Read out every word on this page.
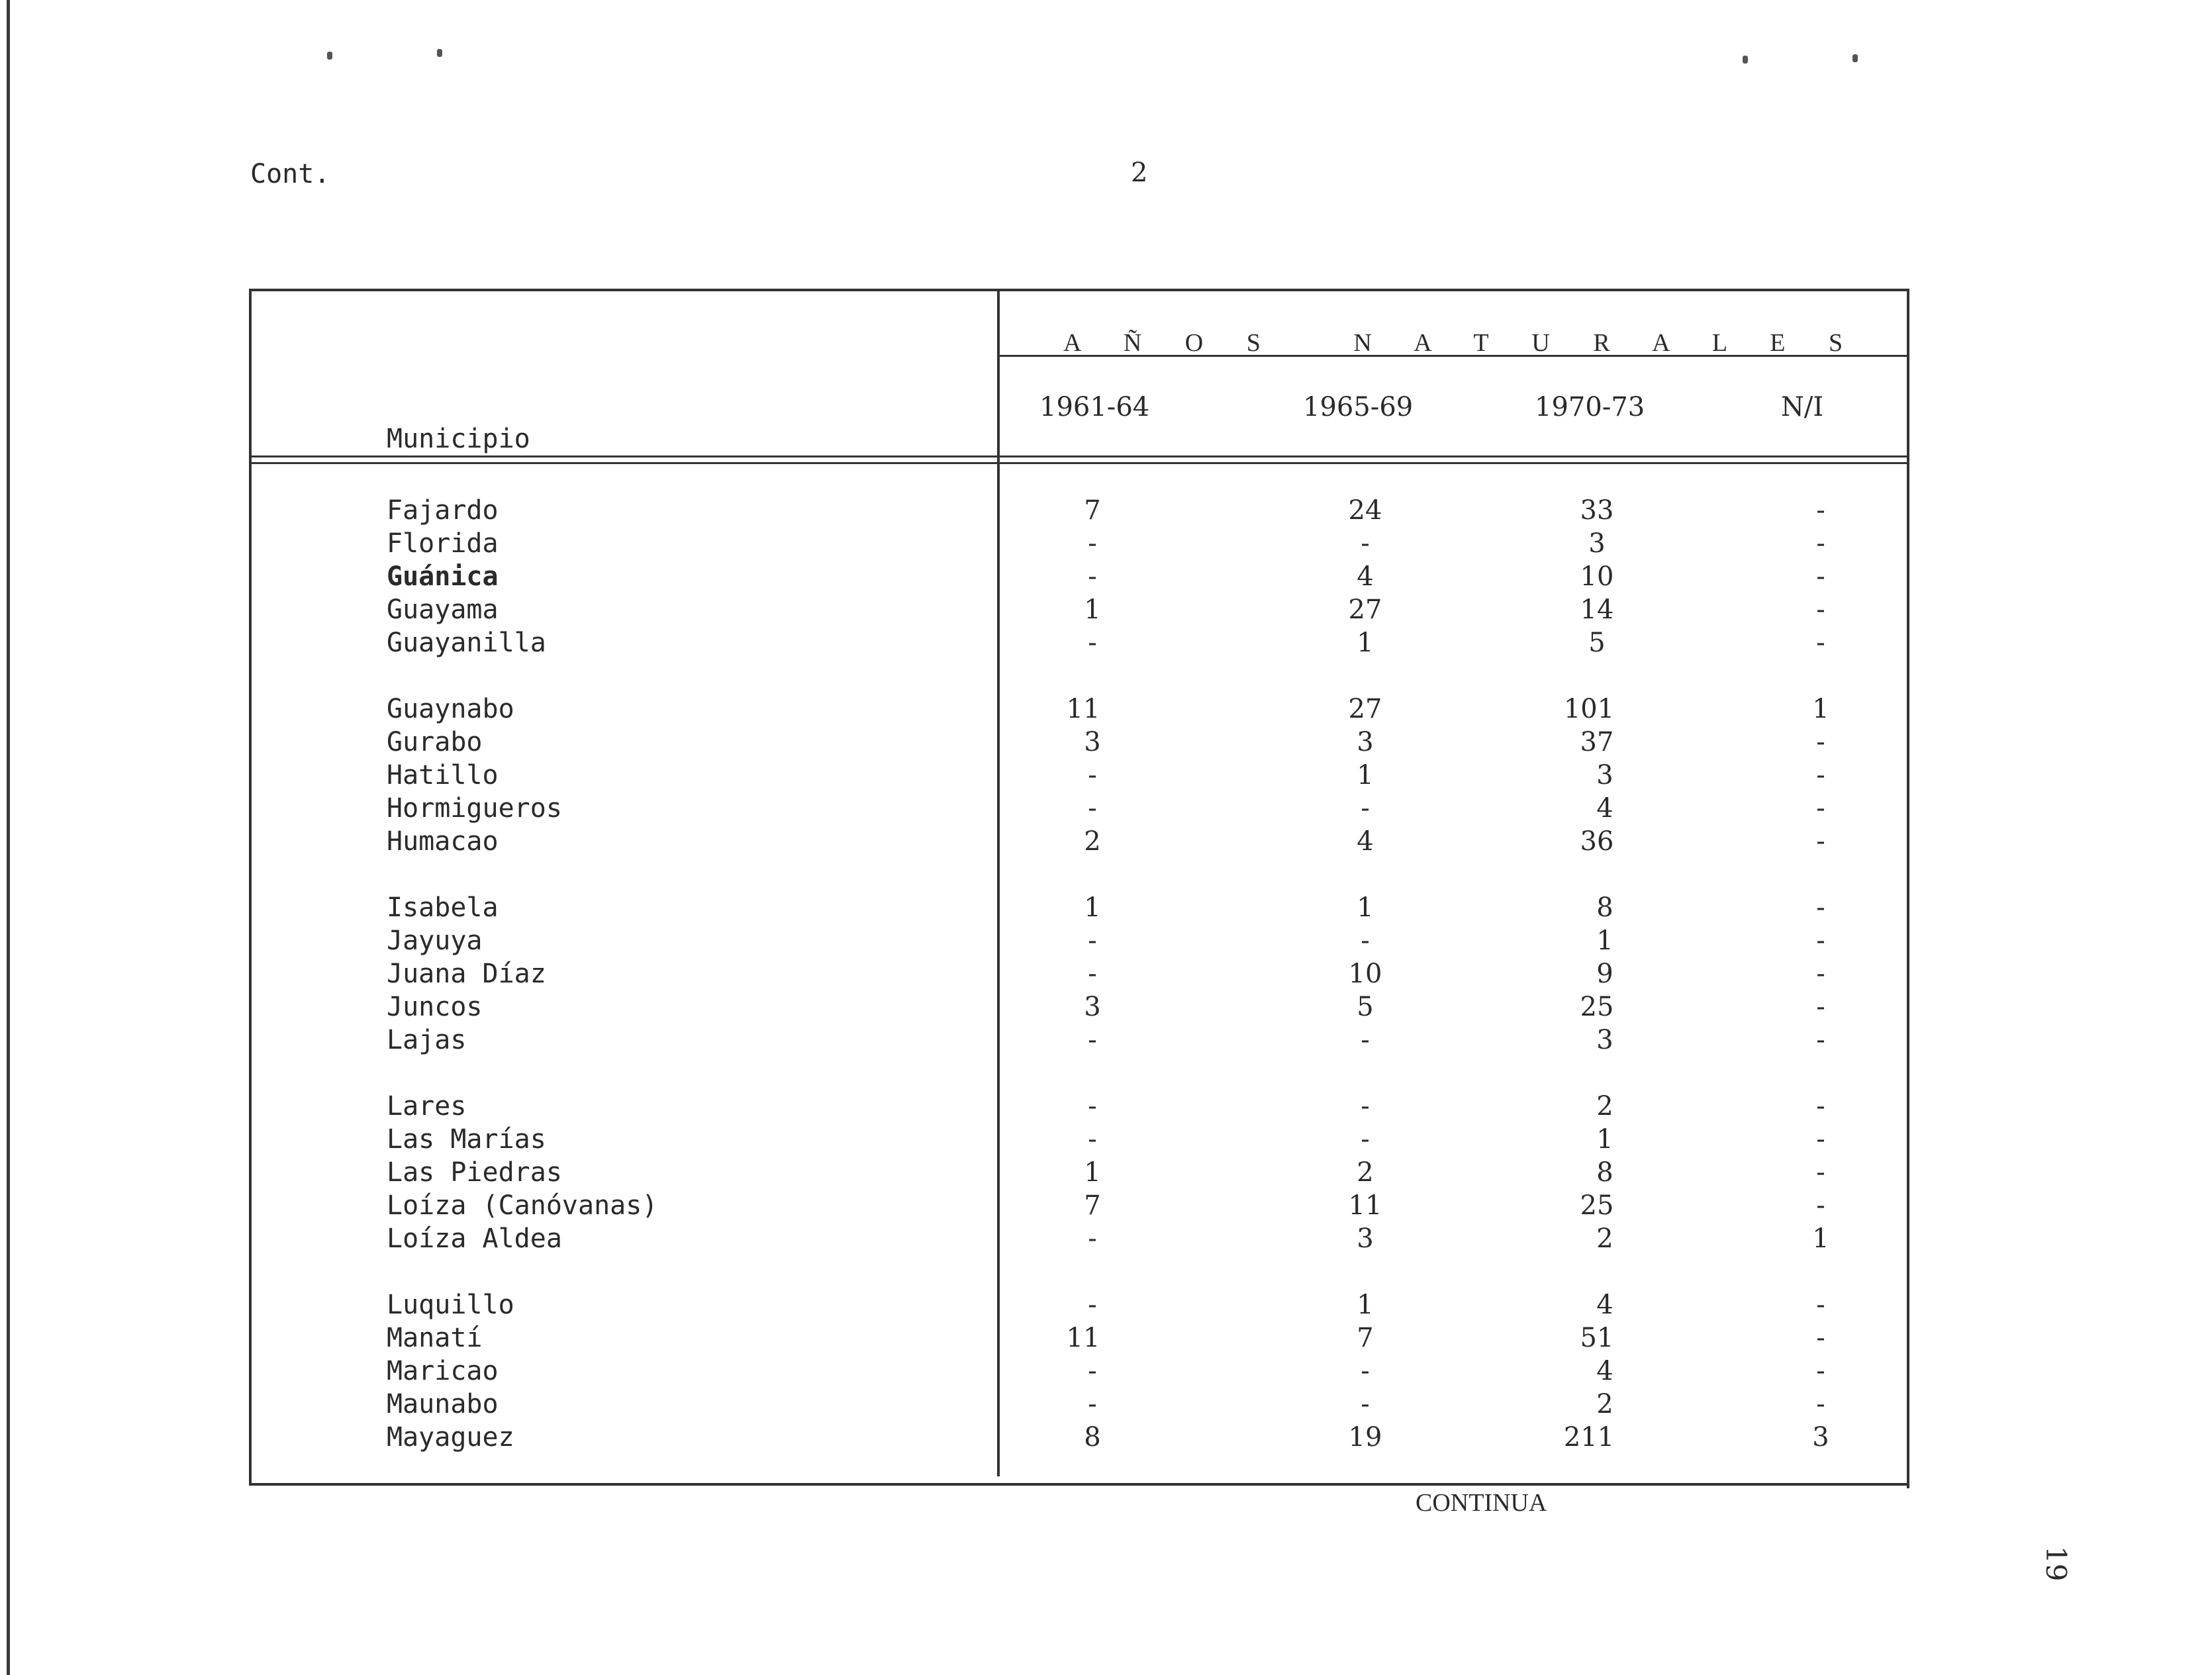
Cont.	2
19
A Ñ O S   N A T U R A L E S
Municipio
1961-64	1965-69	1970-73	N/I
Fajardo	7	24	33	-
Florida	-	-	3	-
Guánica	-	4	10	-
Guayama	1	27	14	-
Guayanilla	-	1	5	-
Guaynabo	11	27	101	1
Gurabo	3	3	37	-
Hatillo	-	1	3	-
Hormigueros	-	-	4	-
Humacao	2	4	36	-
Isabela	1	1	8	-
Jayuya	-	-	1	-
Juana Díaz	-	10	9	-
Juncos	3	5	25	-
Lajas	-	-	3	-
Lares	-	-	2	-
Las Marías	-	-	1	-
Las Piedras	1	2	8	-
Loíza (Canóvanas)	7	11	25	-
Loíza Aldea	-	3	2	1
Luquillo	-	1	4	-
Manatí	11	7	51	-
Maricao	-	-	4	-
Maunabo	-	-	2	-
Mayaguez	8	19	211	3
CONTINUA
